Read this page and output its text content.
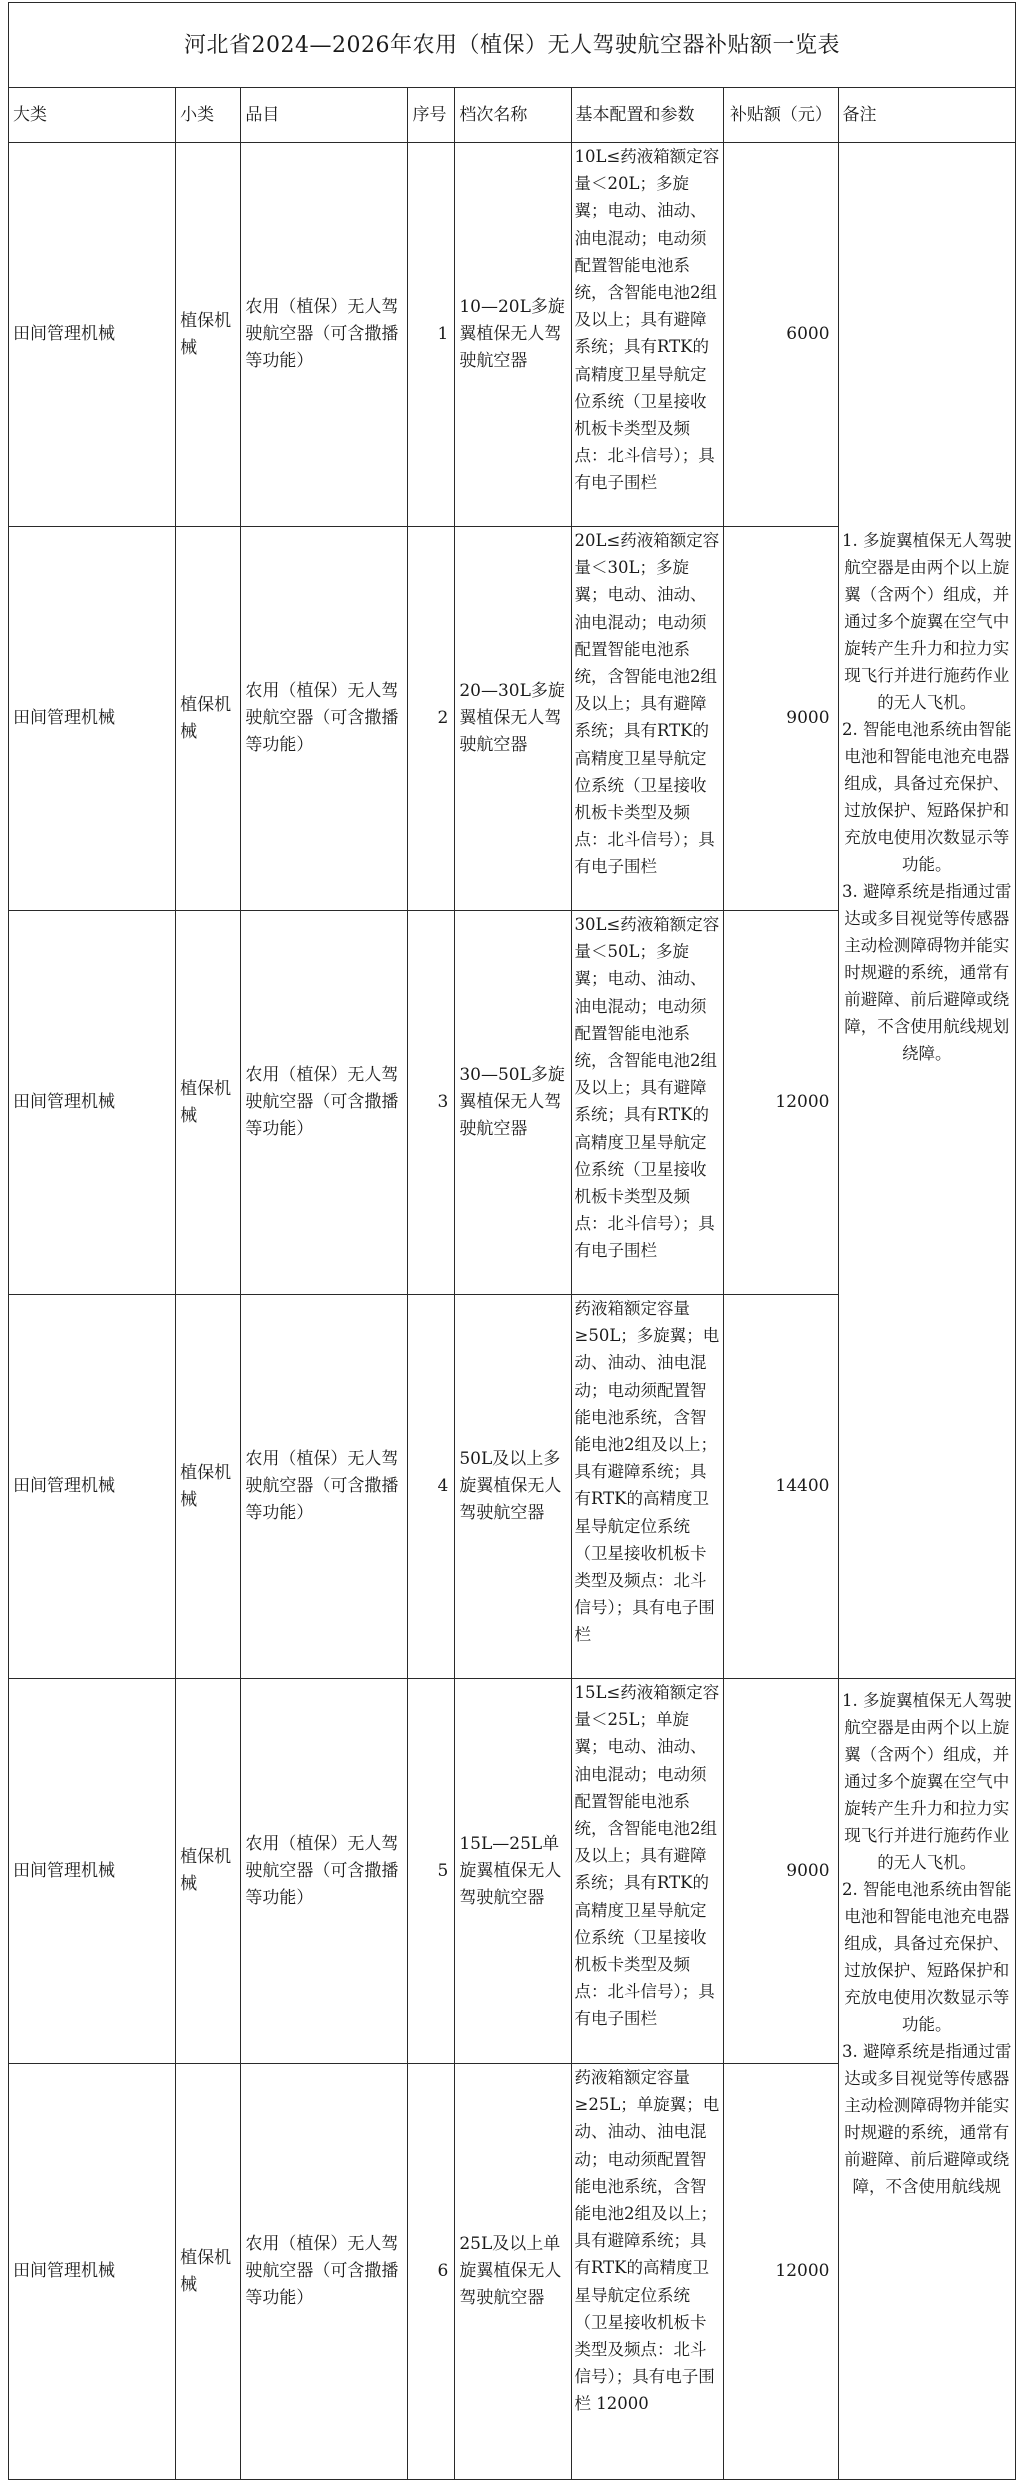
河北省2024—2026年农用（植保）无人驾驶航空器补贴额一览表							
大类	小类	品目	序号	档次名称	基本配置和参数	补贴额（元）	备注
田间管理机械	植保机械	农用（植保）无人驾驶航空器（可含撒播等功能）	1	10—20L多旋翼植保无人驾驶航空器	10L≤药液箱额定容量＜20L；多旋翼；电动、油动、油电混动；电动须配置智能电池系统，含智能电池2组及以上；具有避障系统；具有RTK的高精度卫星导航定位系统（卫星接收机板卡类型及频点：北斗信号）；具有电子围栏	6000	1. 多旋翼植保无人驾驶航空器是由两个以上旋翼（含两个）组成，并通过多个旋翼在空气中旋转产生升力和拉力实现飞行并进行施药作业的无人飞机。
2. 智能电池系统由智能电池和智能电池充电器组成，具备过充保护、过放保护、短路保护和充放电使用次数显示等功能。
3. 避障系统是指通过雷达或多目视觉等传感器主动检测障碍物并能实时规避的系统，通常有前避障、前后避障或绕障，不含使用航线规划绕障。
田间管理机械	植保机械	农用（植保）无人驾驶航空器（可含撒播等功能）	2	20—30L多旋翼植保无人驾驶航空器	20L≤药液箱额定容量＜30L；多旋翼；电动、油动、油电混动；电动须配置智能电池系统，含智能电池2组及以上；具有避障系统；具有RTK的高精度卫星导航定位系统（卫星接收机板卡类型及频点：北斗信号）；具有电子围栏	9000	
田间管理机械	植保机械	农用（植保）无人驾驶航空器（可含撒播等功能）	3	30—50L多旋翼植保无人驾驶航空器	30L≤药液箱额定容量＜50L；多旋翼；电动、油动、油电混动；电动须配置智能电池系统，含智能电池2组及以上；具有避障系统；具有RTK的高精度卫星导航定位系统（卫星接收机板卡类型及频点：北斗信号）；具有电子围栏	12000	
田间管理机械	植保机械	农用（植保）无人驾驶航空器（可含撒播等功能）	4	50L及以上多旋翼植保无人驾驶航空器	药液箱额定容量≥50L；多旋翼；电动、油动、油电混动；电动须配置智能电池系统，含智能电池2组及以上；具有避障系统；具有RTK的高精度卫星导航定位系统（卫星接收机板卡类型及频点：北斗信号）；具有电子围栏	14400	
田间管理机械	植保机械	农用（植保）无人驾驶航空器（可含撒播等功能）	5	15L—25L单旋翼植保无人驾驶航空器	15L≤药液箱额定容量＜25L；单旋翼；电动、油动、油电混动；电动须配置智能电池系统，含智能电池2组及以上；具有避障系统；具有RTK的高精度卫星导航定位系统（卫星接收机板卡类型及频点：北斗信号）；具有电子围栏	9000	1. 多旋翼植保无人驾驶航空器是由两个以上旋翼（含两个）组成，并通过多个旋翼在空气中旋转产生升力和拉力实现飞行并进行施药作业的无人飞机。
2. 智能电池系统由智能电池和智能电池充电器组成，具备过充保护、过放保护、短路保护和充放电使用次数显示等功能。
3. 避障系统是指通过雷达或多目视觉等传感器主动检测障碍物并能实时规避的系统，通常有前避障、前后避障或绕障，不含使用航线规
田间管理机械	植保机械	农用（植保）无人驾驶航空器（可含撒播等功能）	6	25L及以上单旋翼植保无人驾驶航空器	药液箱额定容量≥25L；单旋翼；电动、油动、油电混动；电动须配置智能电池系统，含智能电池2组及以上；具有避障系统；具有RTK的高精度卫星导航定位系统（卫星接收机板卡类型及频点：北斗信号）；具有电子围栏 12000	12000	
